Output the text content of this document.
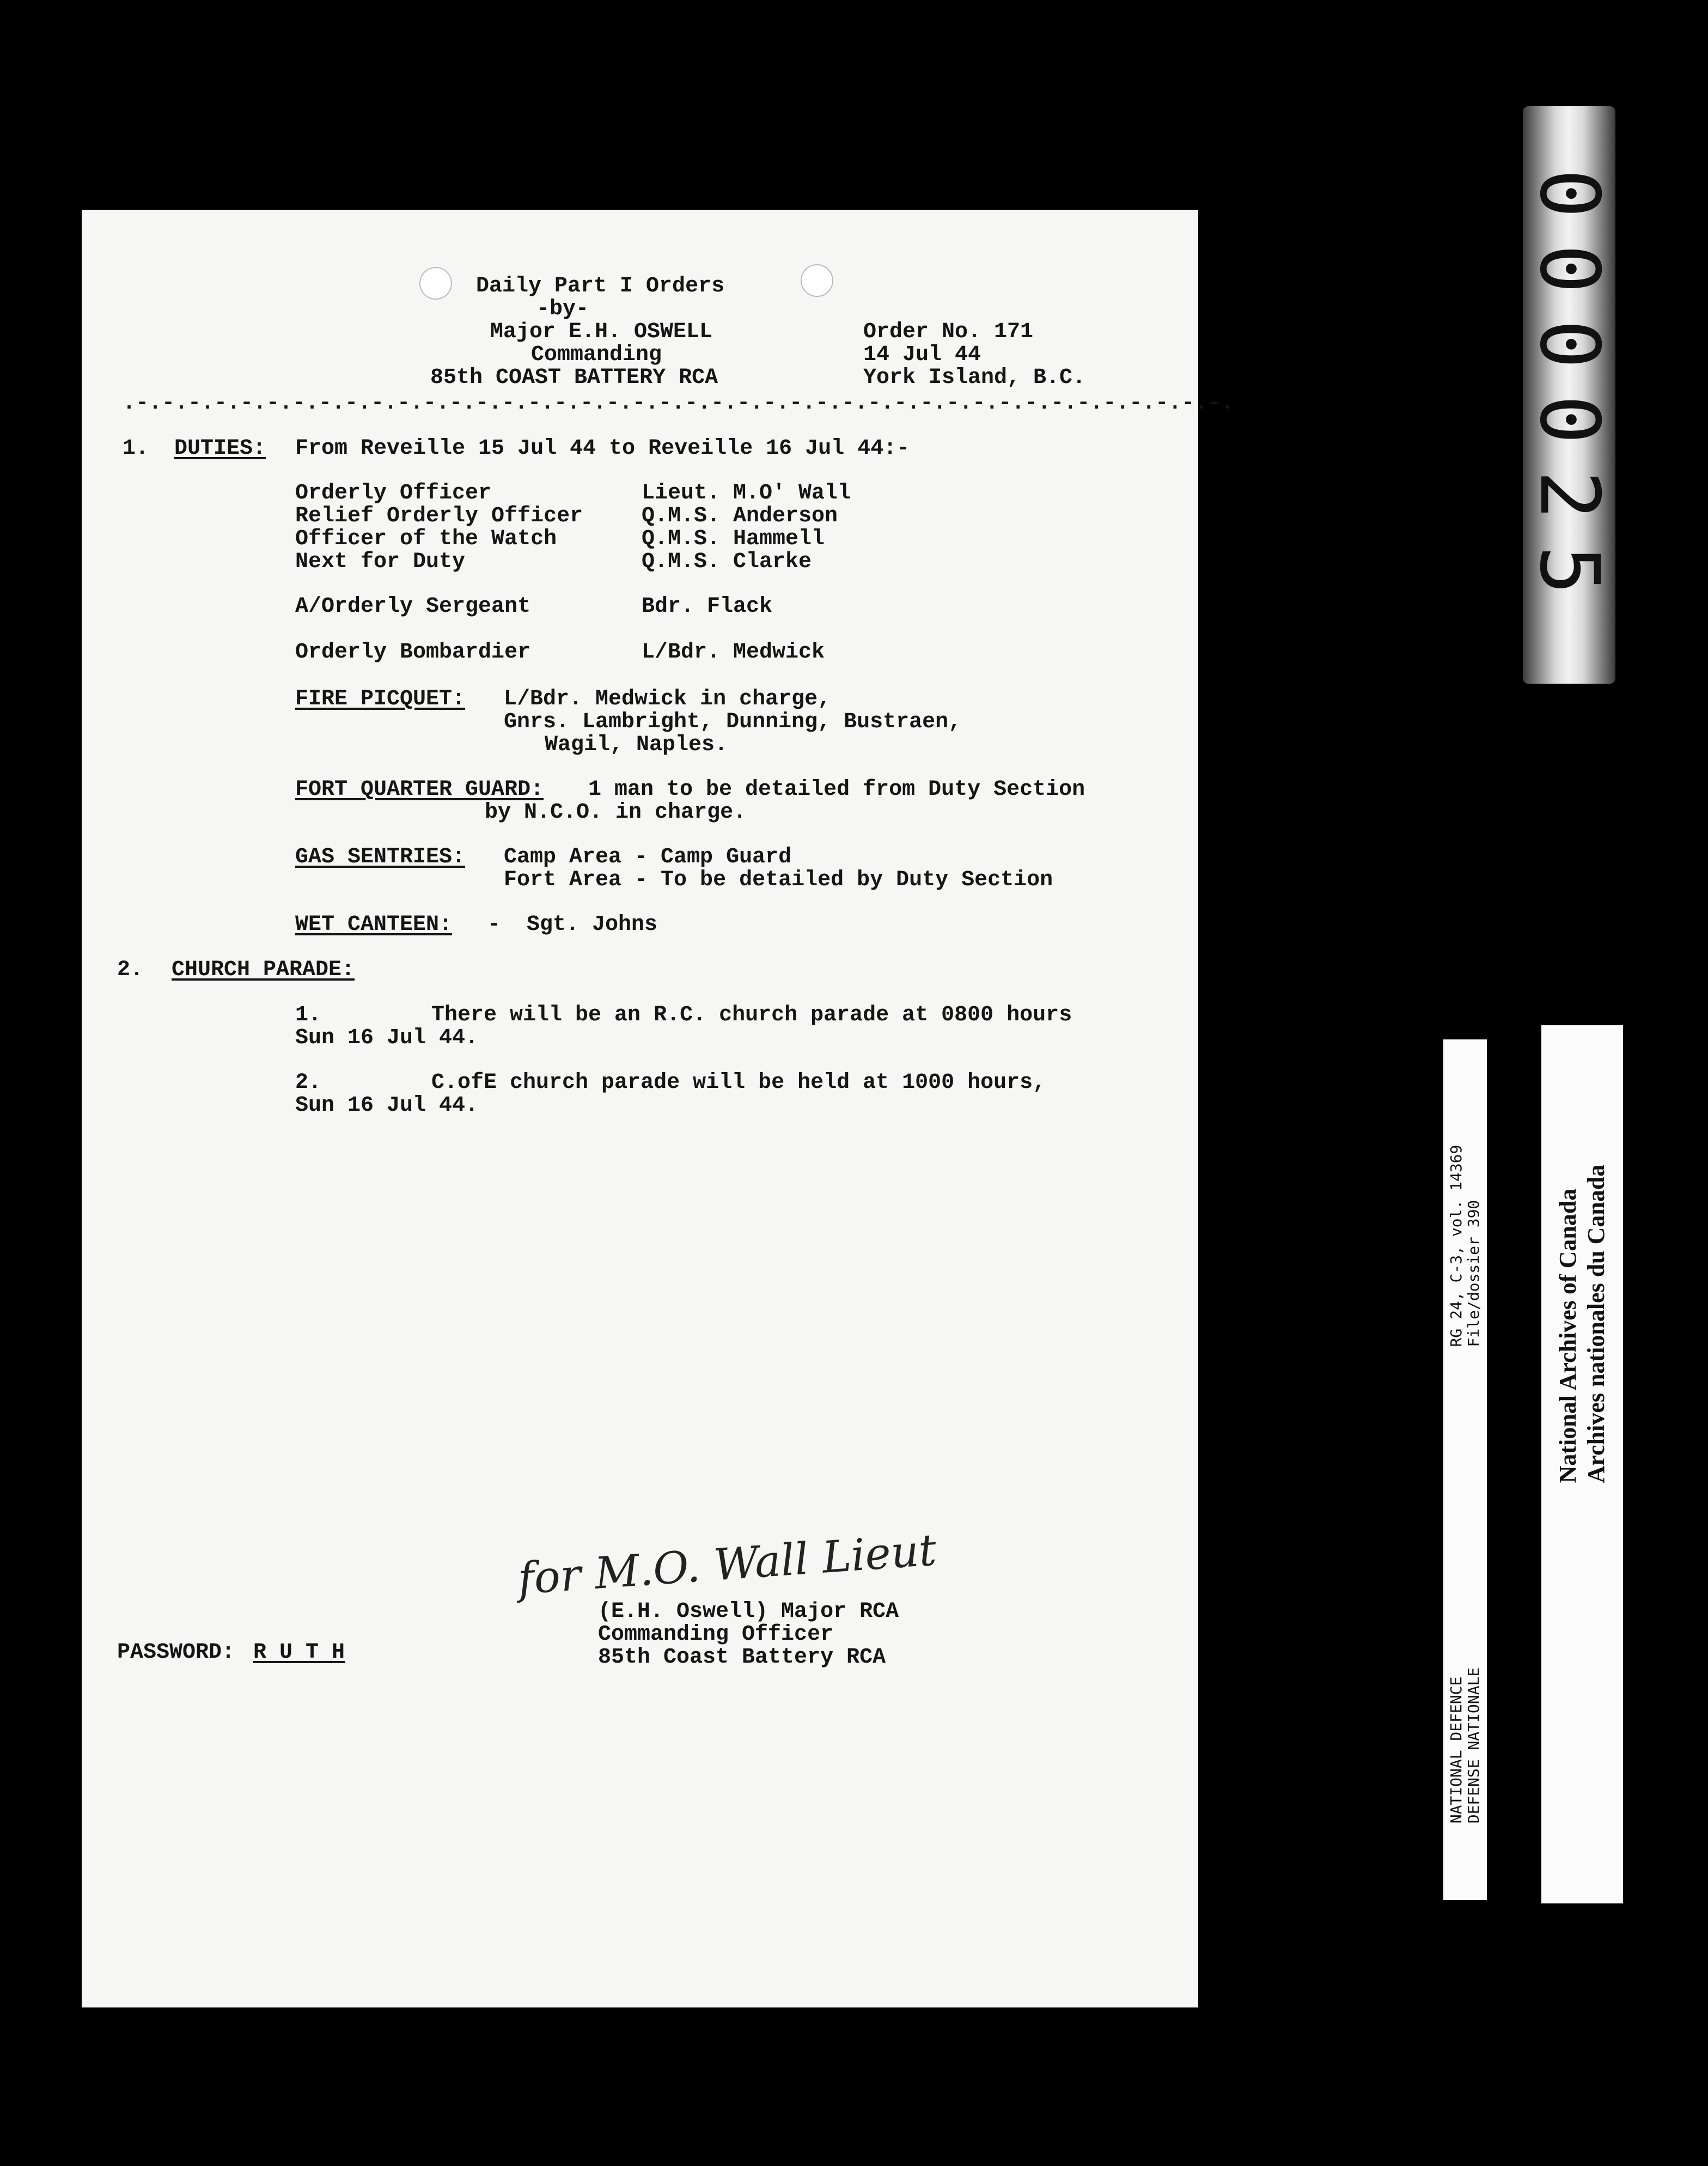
Daily Part I Orders
-by-
Major E.H. OSWELL
Commanding
85th COAST BATTERY RCA
Order No. 171
14 Jul 44
York Island, B.C.
.-.-.-.-.-.-.-.-.-.-.-.-.-.-.-.-.-.-.-.-.-.-.-.-.-.-.-.-.-.-.-.-.-.-.-.-.-.-.-.-.-.-.
1. DUTIES: From Reveille 15 Jul 44 to Reveille 16 Jul 44:-
Orderly Officer	Lieut. M.O' Wall
Relief Orderly Officer	Q.M.S. Anderson
Officer of the Watch	Q.M.S. Hammell
Next for Duty	Q.M.S. Clarke
A/Orderly Sergeant	Bdr. Flack
Orderly Bombardier	L/Bdr. Medwick
FIRE PICQUET: L/Bdr. Medwick in charge,
Gnrs. Lambright, Dunning, Bustraen,
Wagil, Naples.
FORT QUARTER GUARD: 1 man to be detailed from Duty Section
by N.C.O. in charge.
GAS SENTRIES: Camp Area - Camp Guard
Fort Area - To be detailed by Duty Section
WET CANTEEN: -  Sgt. Johns
2. CHURCH PARADE:
1.	There will be an R.C. church parade at 0800 hours
Sun 16 Jul 44.
2.	C.ofE church parade will be held at 1000 hours,
Sun 16 Jul 44.
PASSWORD: R U T H
for M.O. Wall Lieut
(E.H. Oswell) Major RCA
Commanding Officer
85th Coast Battery RCA
000025
RG 24, C-3, vol. 14369 File/dossier 390
NATIONAL DEFENCE DEFENSE NATIONALE
National Archives of Canada Archives nationales du Canada
